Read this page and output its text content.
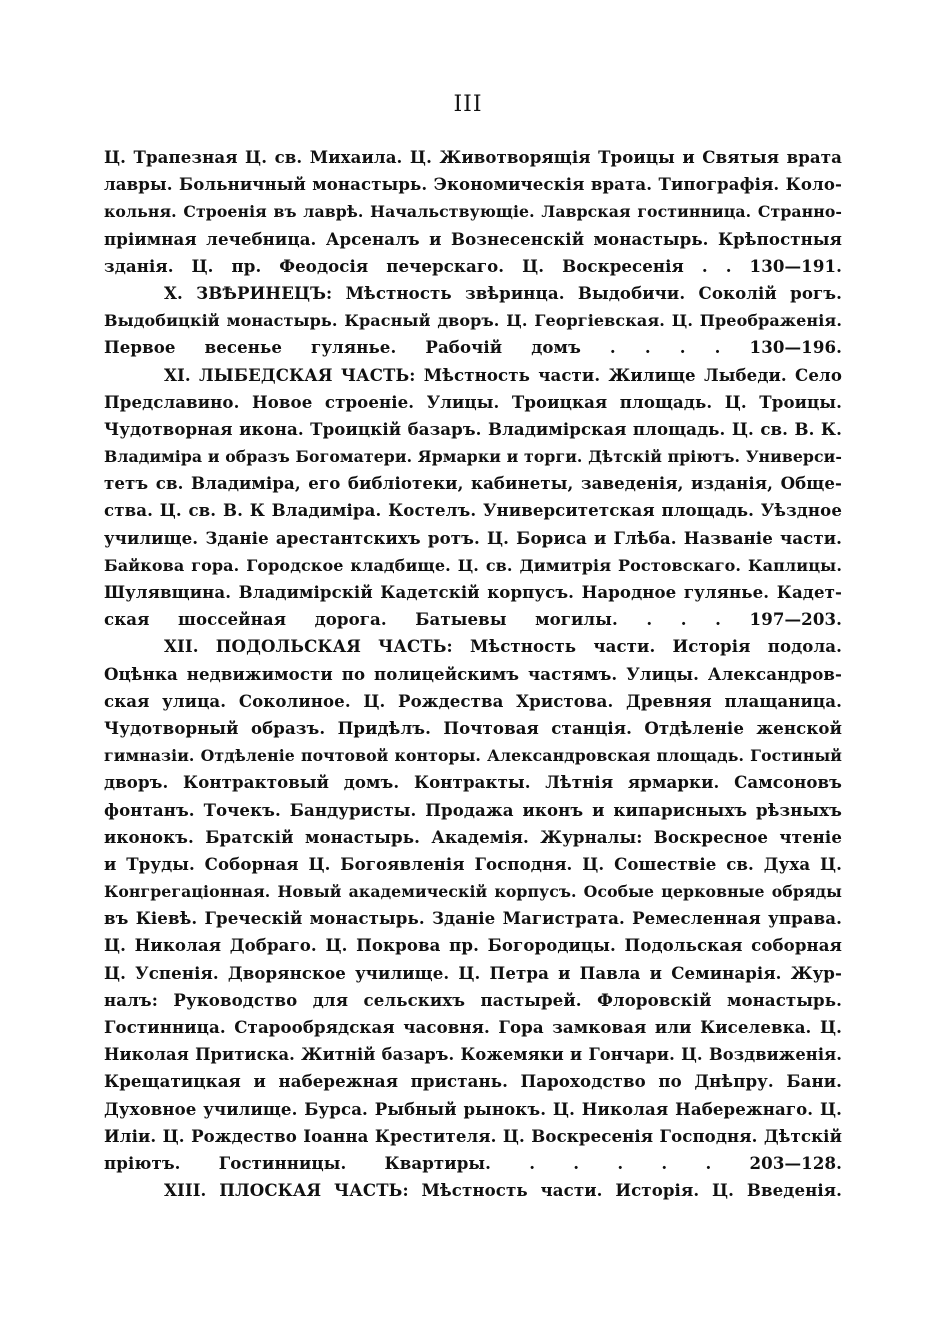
III
Ц. Трапезная Ц. св. Михаила. Ц. Животворящія Троицы и Святыя врата
лавры. Больничный монастырь. Экономическія врата. Типографія. Коло-
кольня. Строенія въ лаврѣ. Начальствующіе. Лаврская гостинница. Странно-
пріимная лечебница. Арсеналъ и Вознесенскій монастырь. Крѣпостныя
зданія. Ц. пр. Феодосія печерскаго. Ц. Воскресенія . . 130—191.
X. ЗВѢРИНЕЦЪ: Мѣстность звѣринца. Выдобичи. Соколій рогъ.
Выдобицкій монастырь. Красный дворъ. Ц. Георгіевская. Ц. Преображенія.
Первое весенье гулянье. Рабочій домъ . . . . 130—196.
XI. ЛЫБЕДСКАЯ ЧАСТЬ: Мѣстность части. Жилище Лыбеди. Село
Предславино. Новое строеніе. Улицы. Троицкая площадь. Ц. Троицы.
Чудотворная икона. Троицкій базаръ. Владимірская площадь. Ц. св. В. К.
Владиміра и образъ Богоматери. Ярмарки и торги. Дѣтскій пріютъ. Универси-
тетъ св. Владиміра, его библіотеки, кабинеты, заведенія, изданія, Обще-
ства. Ц. св. В. К Владиміра. Костелъ. Университетская площадь. Уѣздное
училище. Зданіе арестантскихъ ротъ. Ц. Бориса и Глѣба. Названіе части.
Байкова гора. Городское кладбище. Ц. св. Димитрія Ростовскаго. Каплицы.
Шулявщина. Владимірскій Кадетскій корпусъ. Народное гулянье. Кадет-
ская шоссейная дорога. Батыевы могилы. . . . 197—203.
XII. ПОДОЛЬСКАЯ ЧАСТЬ: Мѣстность части. Исторія подола.
Оцѣнка недвижимости по полицейскимъ частямъ. Улицы. Александров-
ская улица. Соколиное. Ц. Рождества Христова. Древняя плащаница.
Чудотворный образъ. Придѣлъ. Почтовая станція. Отдѣленіе женской
гимназіи. Отдѣленіе почтовой конторы. Александровская площадь. Гостиный
дворъ. Контрактовый домъ. Контракты. Лѣтнія ярмарки. Самсоновъ
фонтанъ. Точекъ. Бандуристы. Продажа иконъ и кипарисныхъ рѣзныхъ
иконокъ. Братскій монастырь. Академія. Журналы: Воскресное чтеніе
и Труды. Соборная Ц. Богоявленія Господня. Ц. Сошествіе св. Духа Ц.
Конгрегаціонная. Новый академическій корпусъ. Особые церковные обряды
въ Кіевѣ. Греческій монастырь. Зданіе Магистрата. Ремесленная управа.
Ц. Николая Добраго. Ц. Покрова пр. Богородицы. Подольская соборная
Ц. Успенія. Дворянское училище. Ц. Петра и Павла и Семинарія. Жур-
налъ: Руководство для сельскихъ пастырей. Флоровскій монастырь.
Гостинница. Старообрядская часовня. Гора замковая или Киселевка. Ц.
Николая Притиска. Житній базаръ. Кожемяки и Гончари. Ц. Воздвиженія.
Крещатицкая и набережная пристань. Пароходство по Днѣпру. Бани.
Духовное училище. Бурса. Рыбный рынокъ. Ц. Николая Набережнаго. Ц.
Иліи. Ц. Рождество Іоанна Крестителя. Ц. Воскресенія Господня. Дѣтскій
пріютъ. Гостинницы. Квартиры. . . . . . 203—128.
XIII. ПЛОСКАЯ ЧАСТЬ: Мѣстность части. Исторія. Ц. Введенія.
